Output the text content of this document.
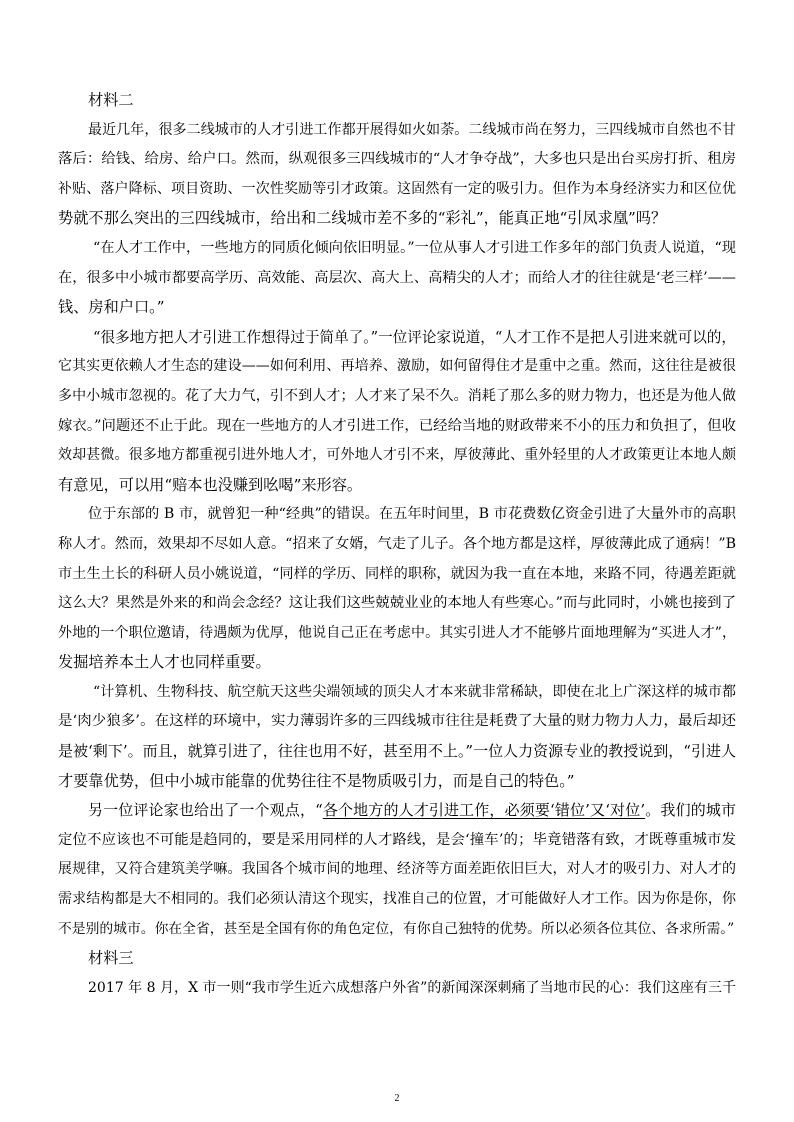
材料二
最近几年，很多二线城市的人才引进工作都开展得如火如荼。二线城市尚在努力，三四线城市自然也不甘
落后：给钱、给房、给户口。然而，纵观很多三四线城市的“人才争夺战”，大多也只是出台买房打折、租房
补贴、落户降标、项目资助、一次性奖励等引才政策。这固然有一定的吸引力。但作为本身经济实力和区位优
势就不那么突出的三四线城市，给出和二线城市差不多的“彩礼”，能真正地“引凤求凰”吗？
“在人才工作中，一些地方的同质化倾向依旧明显。”一位从事人才引进工作多年的部门负责人说道，“现
在，很多中小城市都要高学历、高效能、高层次、高大上、高精尖的人才；而给人才的往往就是‘老三样’——
钱、房和户口。”
“很多地方把人才引进工作想得过于简单了。”一位评论家说道，“人才工作不是把人引进来就可以的，
它其实更依赖人才生态的建设——如何利用、再培养、激励，如何留得住才是重中之重。然而，这往往是被很
多中小城市忽视的。花了大力气，引不到人才；人才来了呆不久。消耗了那么多的财力物力，也还是为他人做
嫁衣。”问题还不止于此。现在一些地方的人才引进工作，已经给当地的财政带来不小的压力和负担了，但收
效却甚微。很多地方都重视引进外地人才，可外地人才引不来，厚彼薄此、重外轻里的人才政策更让本地人颇
有意见，可以用“赔本也没赚到吆喝”来形容。
位于东部的 B 市，就曾犯一种“经典”的错误。在五年时间里，B 市花费数亿资金引进了大量外市的高职
称人才。然而，效果却不尽如人意。“招来了女婿，气走了儿子。各个地方都是这样，厚彼薄此成了通病！”B
市土生土长的科研人员小姚说道，“同样的学历、同样的职称，就因为我一直在本地，来路不同，待遇差距就
这么大？果然是外来的和尚会念经？这让我们这些兢兢业业的本地人有些寒心。”而与此同时，小姚也接到了
外地的一个职位邀请，待遇颇为优厚，他说自己正在考虑中。其实引进人才不能够片面地理解为“买进人才”，
发掘培养本土人才也同样重要。
“计算机、生物科技、航空航天这些尖端领域的顶尖人才本来就非常稀缺，即使在北上广深这样的城市都
是‘肉少狼多’。在这样的环境中，实力薄弱许多的三四线城市往往是耗费了大量的财力物力人力，最后却还
是被‘剩下’。而且，就算引进了，往往也用不好，甚至用不上。”一位人力资源专业的教授说到，“引进人
才要靠优势，但中小城市能靠的优势往往不是物质吸引力，而是自己的特色。”
另一位评论家也给出了一个观点，“各个地方的人才引进工作，必须要‘错位’又‘对位’。我们的城市
定位不应该也不可能是趋同的，要是采用同样的人才路线，是会‘撞车’的；毕竟错落有致，才既尊重城市发
展规律，又符合建筑美学嘛。我国各个城市间的地理、经济等方面差距依旧巨大，对人才的吸引力、对人才的
需求结构都是大不相同的。我们必须认清这个现实，找准自己的位置，才可能做好人才工作。因为你是你，你
不是别的城市。你在全省，甚至是全国有你的角色定位，有你自己独特的优势。所以必须各位其位、各求所需。”
材料三
2017 年 8 月，X 市一则“我市学生近六成想落户外省”的新闻深深刺痛了当地市民的心：我们这座有三千
2
